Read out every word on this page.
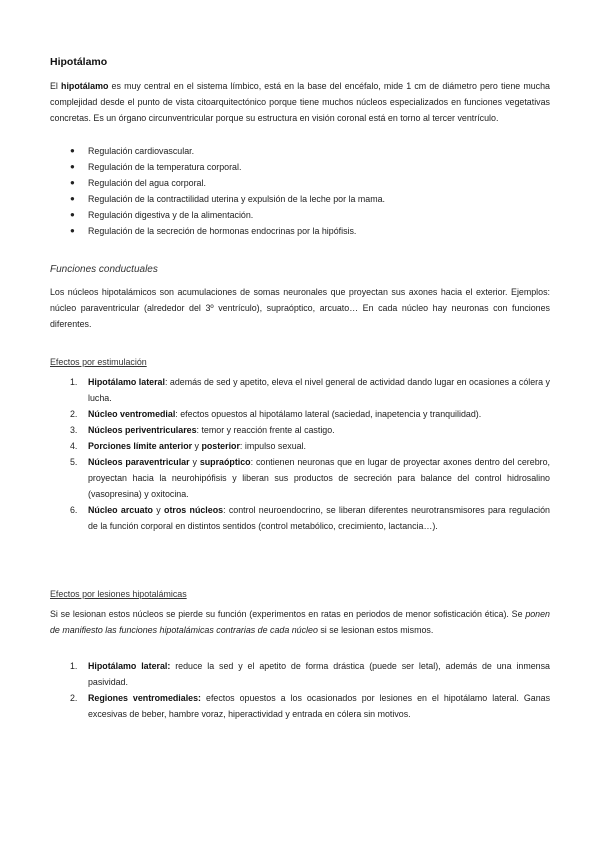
Hipotálamo
El hipotálamo es muy central en el sistema límbico, está en la base del encéfalo, mide 1 cm de diámetro pero tiene mucha complejidad desde el punto de vista citoarquitectónico porque tiene muchos núcleos especializados en funciones vegetativas concretas. Es un órgano circunventricular porque su estructura en visión coronal está en torno al tercer ventrículo.
● Regulación cardiovascular.
● Regulación de la temperatura corporal.
● Regulación del agua corporal.
● Regulación de la contractilidad uterina y expulsión de la leche por la mama.
● Regulación digestiva y de la alimentación.
● Regulación de la secreción de hormonas endocrinas por la hipófisis.
Funciones conductuales
Los núcleos hipotalámicos son acumulaciones de somas neuronales que proyectan sus axones hacia el exterior. Ejemplos: núcleo paraventricular (alrededor del 3º ventrículo), supraóptico, arcuato… En cada núcleo hay neuronas con funciones diferentes.
Efectos por estimulación
1. Hipotálamo lateral: además de sed y apetito, eleva el nivel general de actividad dando lugar en ocasiones a cólera y lucha.
2. Núcleo ventromedial: efectos opuestos al hipotálamo lateral (saciedad, inapetencia y tranquilidad).
3. Núcleos periventriculares: temor y reacción frente al castigo.
4. Porciones límite anterior y posterior: impulso sexual.
5. Núcleos paraventricular y supraóptico: contienen neuronas que en lugar de proyectar axones dentro del cerebro, proyectan hacia la neurohipófisis y liberan sus productos de secreción para balance del control hidrosalino (vasopresina) y oxitocina.
6. Núcleo arcuato y otros núcleos: control neuroendocrino, se liberan diferentes neurotransmisores para regulación de la función corporal en distintos sentidos (control metabólico, crecimiento, lactancia…).
Efectos por lesiones hipotalámicas
Si se lesionan estos núcleos se pierde su función (experimentos en ratas en periodos de menor sofisticación ética). Se ponen de manifiesto las funciones hipotalámicas contrarias de cada núcleo si se lesionan estos mismos.
1. Hipotálamo lateral: reduce la sed y el apetito de forma drástica (puede ser letal), además de una inmensa pasividad.
2. Regiones ventromediales: efectos opuestos a los ocasionados por lesiones en el hipotálamo lateral. Ganas excesivas de beber, hambre voraz, hiperactividad y entrada en cólera sin motivos.
